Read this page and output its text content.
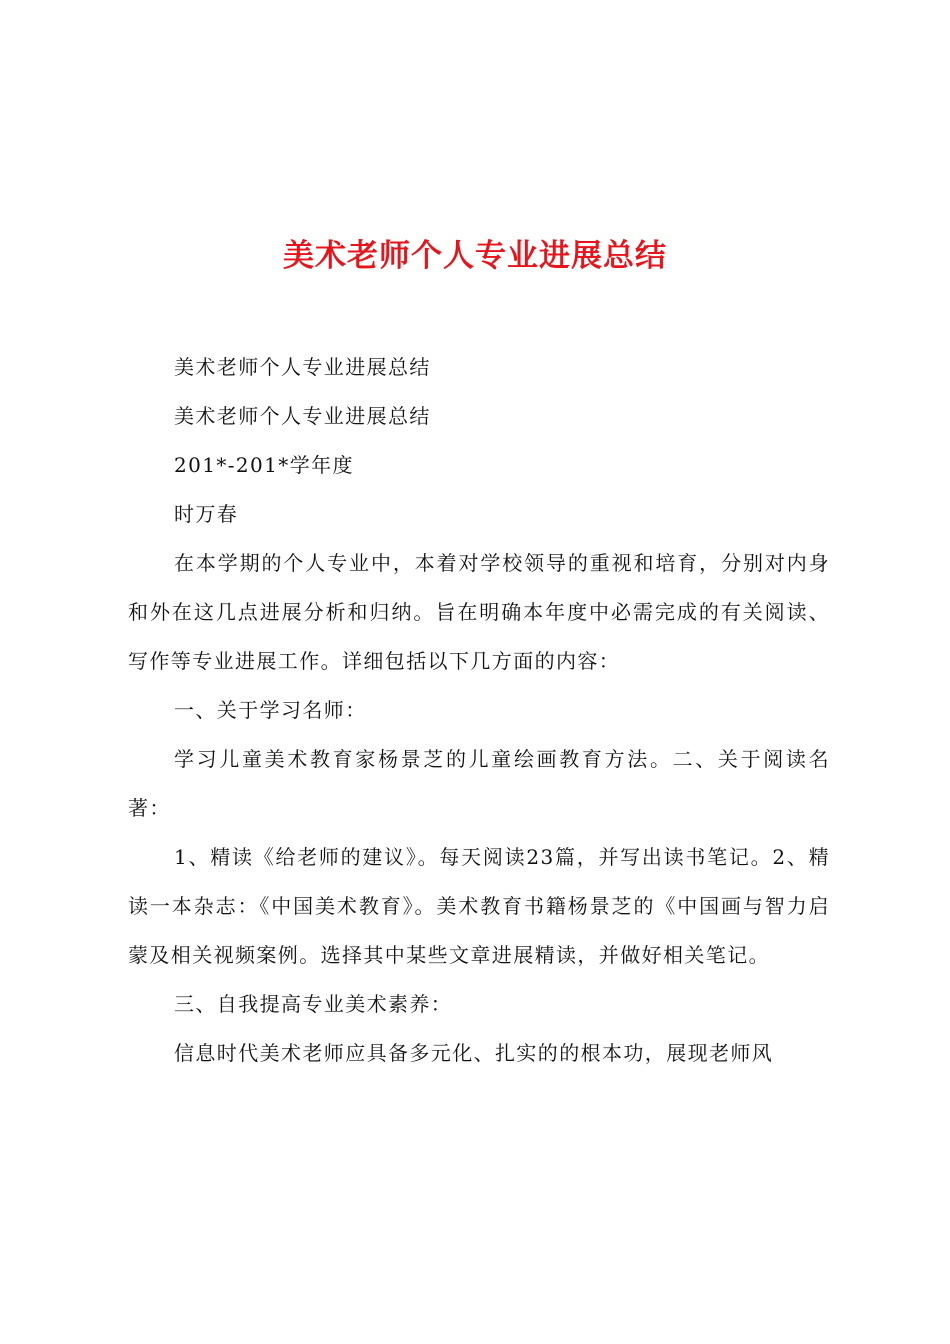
美术老师个人专业进展总结

美术老师个人专业进展总结

美术老师个人专业进展总结

201*-201*学年度

时万春

在本学期的个人专业中，本着对学校领导的重视和培育，分别对内身和外在这几点进展分析和归纳。旨在明确本年度中必需完成的有关阅读、写作等专业进展工作。详细包括以下几方面的内容：

一、关于学习名师：

学习儿童美术教育家杨景芝的儿童绘画教育方法。二、关于阅读名著：

1、精读《给老师的建议》。每天阅读23篇，并写出读书笔记。2、精读一本杂志：《中国美术教育》。美术教育书籍杨景芝的《中国画与智力启蒙及相关视频案例。选择其中某些文章进展精读，并做好相关笔记。

三、自我提高专业美术素养：

信息时代美术老师应具备多元化、扎实的的根本功，展现老师风
